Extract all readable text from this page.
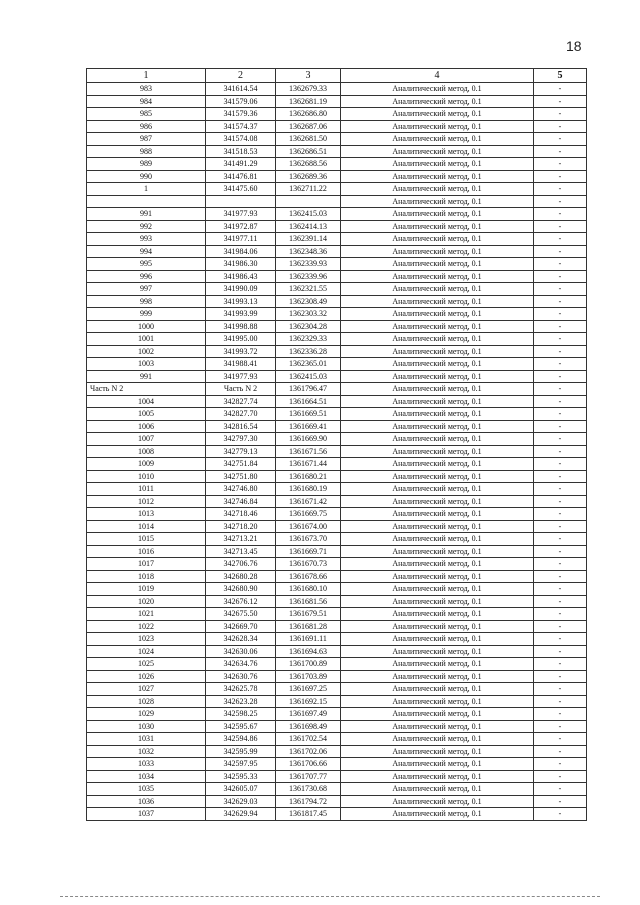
18
1	2	3	4	5
983	341614.54	1362679.33	Аналитический метод, 0.1	-
984	341579.06	1362681.19	Аналитический метод, 0.1	-
985	341579.36	1362686.80	Аналитический метод, 0.1	-
986	341574.37	1362687.06	Аналитический метод, 0.1	-
987	341574.08	1362681.50	Аналитический метод, 0.1	-
988	341518.53	1362686.51	Аналитический метод, 0.1	-
989	341491.29	1362688.56	Аналитический метод, 0.1	-
990	341476.81	1362689.36	Аналитический метод, 0.1	-
1	341475.60	1362711.22	Аналитический метод, 0.1	-
			Аналитический метод, 0.1	-
991	341977.93	1362415.03	Аналитический метод, 0.1	-
992	341972.87	1362414.13	Аналитический метод, 0.1	-
993	341977.11	1362391.14	Аналитический метод, 0.1	-
994	341984.06	1362348.36	Аналитический метод, 0.1	-
995	341986.30	1362339.93	Аналитический метод, 0.1	-
996	341986.43	1362339.96	Аналитический метод, 0.1	-
997	341990.09	1362321.55	Аналитический метод, 0.1	-
998	341993.13	1362308.49	Аналитический метод, 0.1	-
999	341993.99	1362303.32	Аналитический метод, 0.1	-
1000	341998.88	1362304.28	Аналитический метод, 0.1	-
1001	341995.00	1362329.33	Аналитический метод, 0.1	-
1002	341993.72	1362336.28	Аналитический метод, 0.1	-
1003	341988.41	1362365.01	Аналитический метод, 0.1	-
991	341977.93	1362415.03	Аналитический метод, 0.1	-
Часть N 2	Часть N 2	1361796.47	Аналитический метод, 0.1	-
1004	342827.74	1361664.51	Аналитический метод, 0.1	-
1005	342827.70	1361669.51	Аналитический метод, 0.1	-
1006	342816.54	1361669.41	Аналитический метод, 0.1	-
1007	342797.30	1361669.90	Аналитический метод, 0.1	-
1008	342779.13	1361671.56	Аналитический метод, 0.1	-
1009	342751.84	1361671.44	Аналитический метод, 0.1	-
1010	342751.80	1361680.21	Аналитический метод, 0.1	-
1011	342746.80	1361680.19	Аналитический метод, 0.1	-
1012	342746.84	1361671.42	Аналитический метод, 0.1	-
1013	342718.46	1361669.75	Аналитический метод, 0.1	-
1014	342718.20	1361674.00	Аналитический метод, 0.1	-
1015	342713.21	1361673.70	Аналитический метод, 0.1	-
1016	342713.45	1361669.71	Аналитический метод, 0.1	-
1017	342706.76	1361670.73	Аналитический метод, 0.1	-
1018	342680.28	1361678.66	Аналитический метод, 0.1	-
1019	342680.90	1361680.10	Аналитический метод, 0.1	-
1020	342676.12	1361681.56	Аналитический метод, 0.1	-
1021	342675.50	1361679.51	Аналитический метод, 0.1	-
1022	342669.70	1361681.28	Аналитический метод, 0.1	-
1023	342628.34	1361691.11	Аналитический метод, 0.1	-
1024	342630.06	1361694.63	Аналитический метод, 0.1	-
1025	342634.76	1361700.89	Аналитический метод, 0.1	-
1026	342630.76	1361703.89	Аналитический метод, 0.1	-
1027	342625.78	1361697.25	Аналитический метод, 0.1	-
1028	342623.28	1361692.15	Аналитический метод, 0.1	-
1029	342598.25	1361697.49	Аналитический метод, 0.1	-
1030	342595.67	1361698.49	Аналитический метод, 0.1	-
1031	342594.86	1361702.54	Аналитический метод, 0.1	-
1032	342595.99	1361702.06	Аналитический метод, 0.1	-
1033	342597.95	1361706.66	Аналитический метод, 0.1	-
1034	342595.33	1361707.77	Аналитический метод, 0.1	-
1035	342605.07	1361730.68	Аналитический метод, 0.1	-
1036	342629.03	1361794.72	Аналитический метод, 0.1	-
1037	342629.94	1361817.45	Аналитический метод, 0.1	-
